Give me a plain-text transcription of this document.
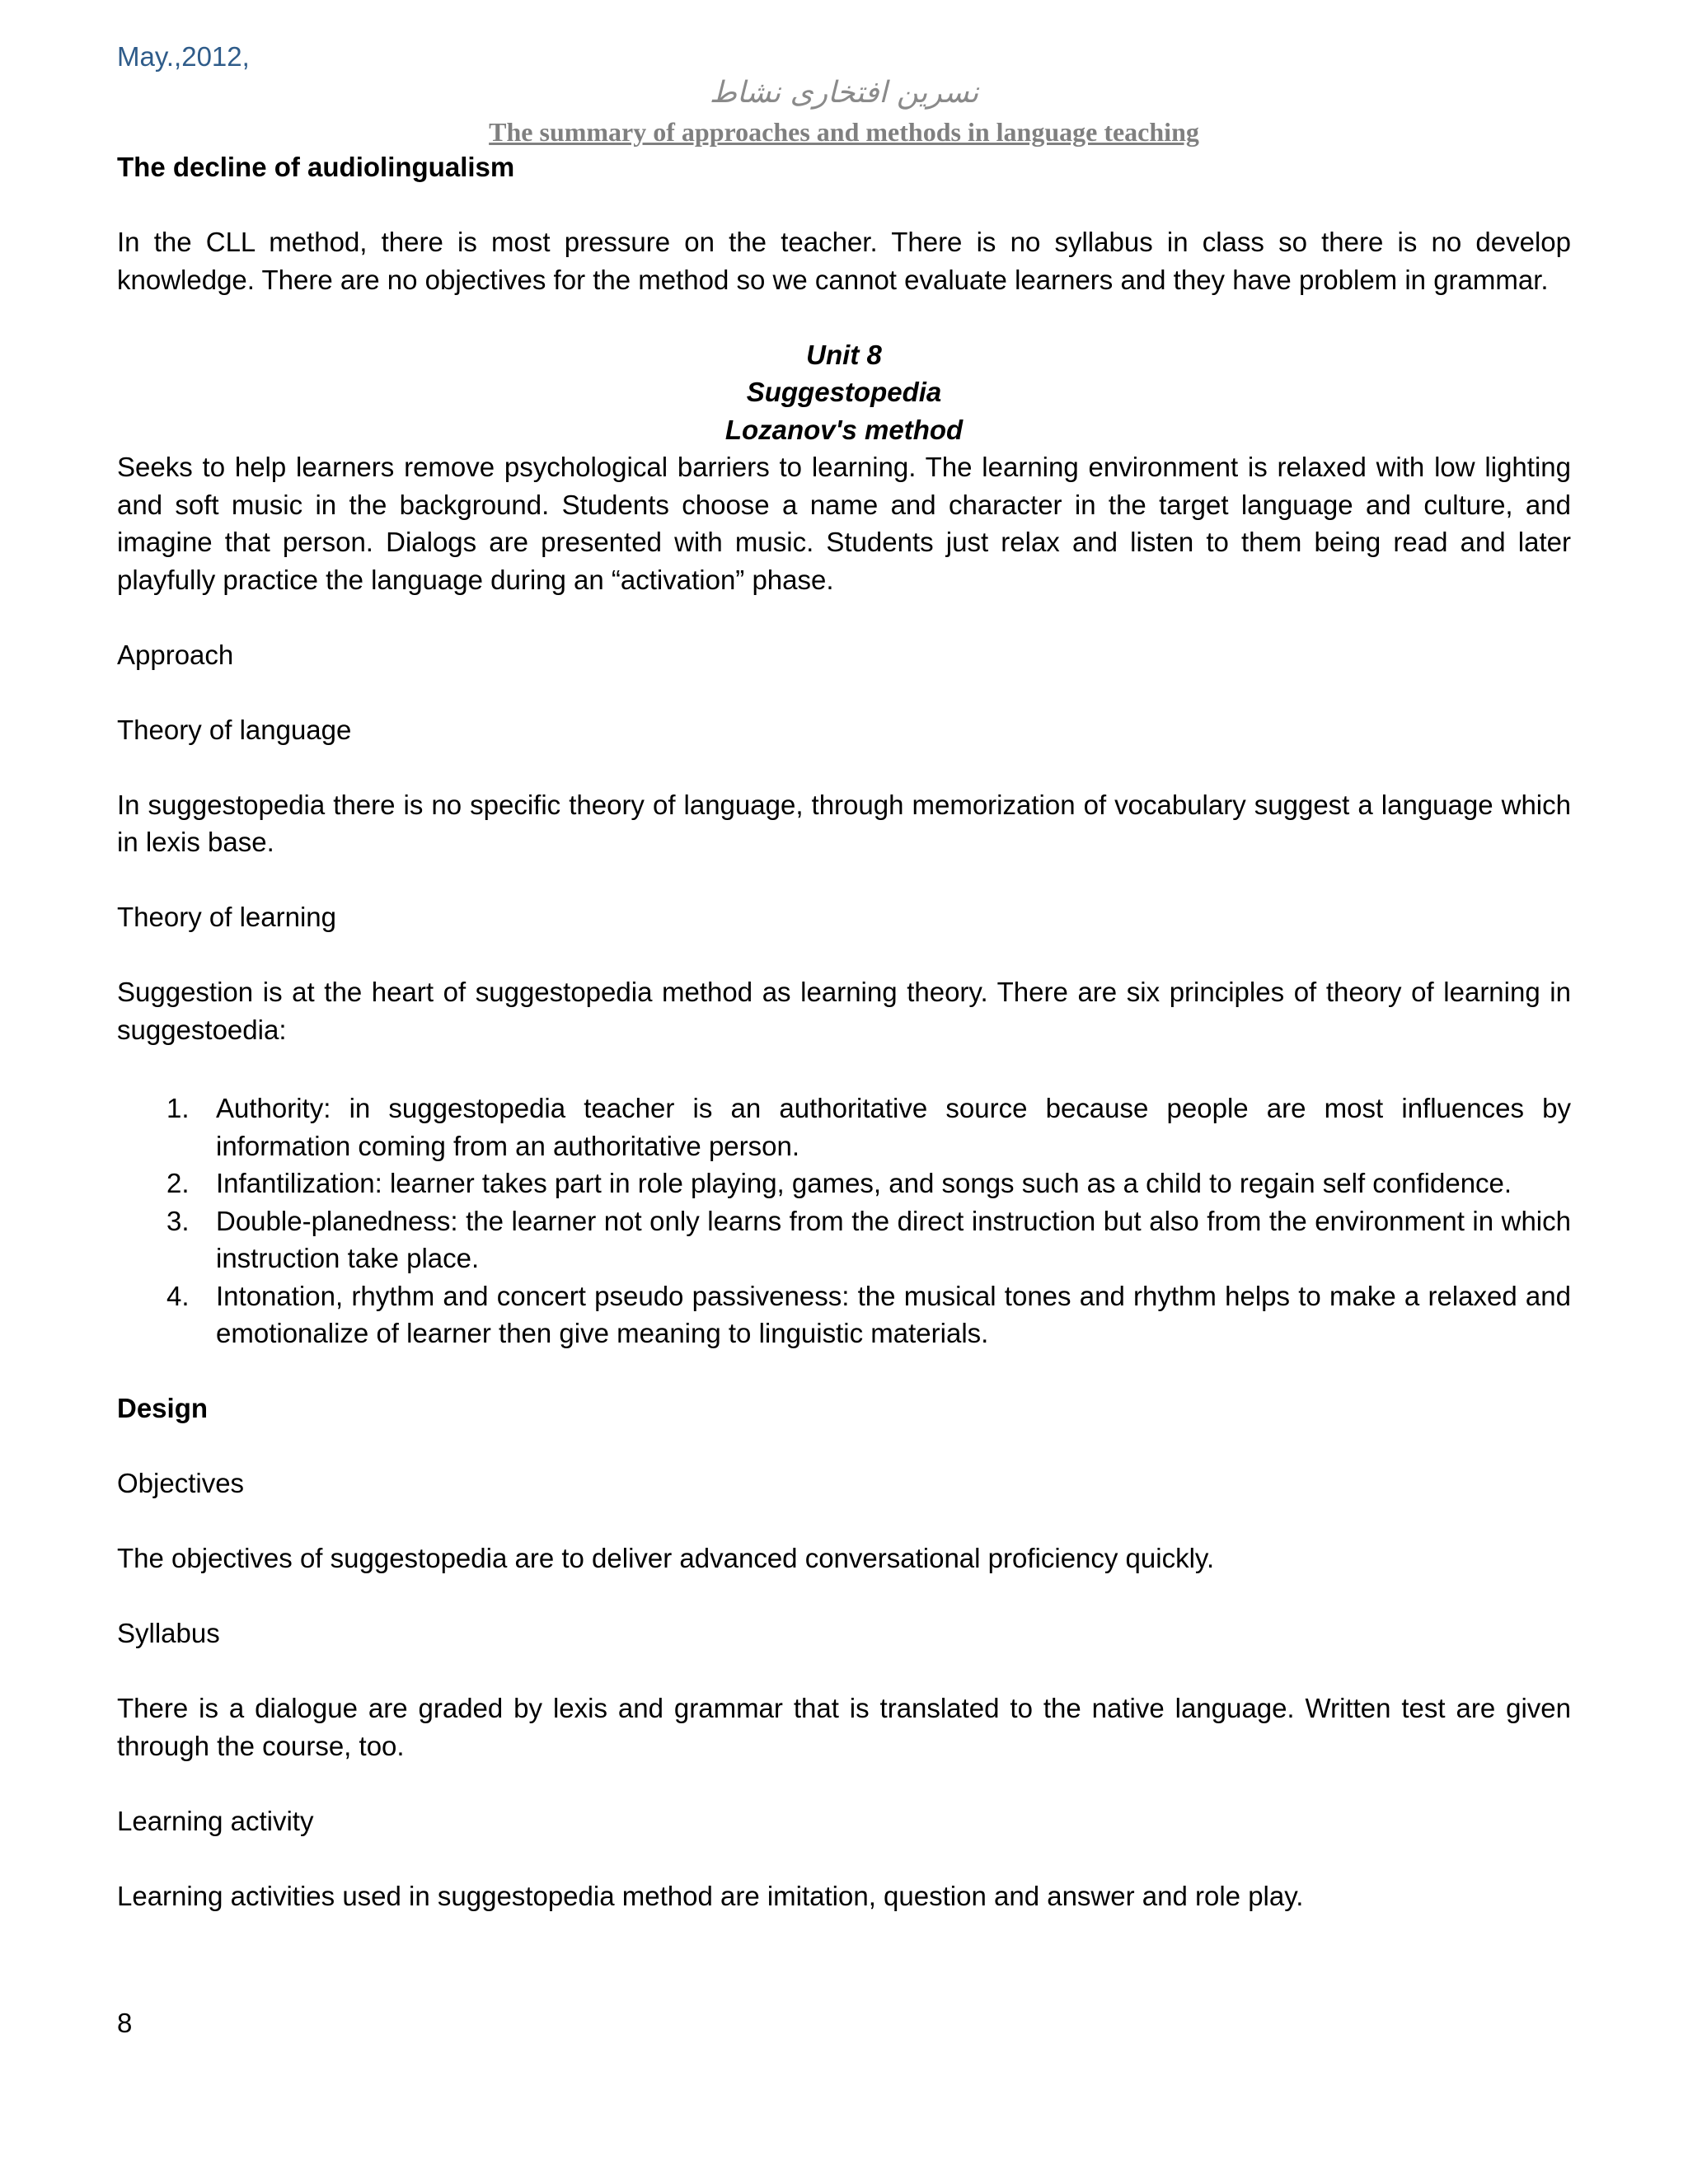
May.,2012,
نسرین افتخاری نشاط
The summary of approaches and methods in language teaching

The decline of audiolingualism

In the CLL method, there is most pressure on the teacher. There is no syllabus in class so there is no develop knowledge. There are no objectives for the method so we cannot evaluate learners and they have problem in grammar.

Unit 8

Suggestopedia

Lozanov's method

Seeks to help learners remove psychological barriers to learning. The learning environment is relaxed with low lighting and soft music in the background. Students choose a name and character in the target language and culture, and imagine that person. Dialogs are presented with music. Students just relax and listen to them being read and later playfully practice the language during an “activation” phase.

Approach

Theory of language

In suggestopedia there is no specific theory of language, through memorization of vocabulary suggest a language which in lexis base.

Theory of learning

Suggestion is at the heart of suggestopedia method as learning theory. There are six principles of theory of learning in suggestoedia:

1. Authority: in suggestopedia teacher is an authoritative source because people are most influences by information coming from an authoritative person.
2. Infantilization: learner takes part in role playing, games, and songs such as a child to regain self confidence.
3. Double-planedness: the learner not only learns from the direct instruction but also from the environment in which instruction take place.
4. Intonation, rhythm and concert pseudo passiveness: the musical tones and rhythm helps to make a relaxed and emotionalize of learner then give meaning to linguistic materials.

Design

Objectives

The objectives of suggestopedia are to deliver advanced conversational proficiency quickly.

Syllabus

There is a dialogue are graded by lexis and grammar that is translated to the native language. Written test are given through the course, too.

Learning activity

Learning activities used in suggestopedia method are imitation, question and answer and role play.

8
